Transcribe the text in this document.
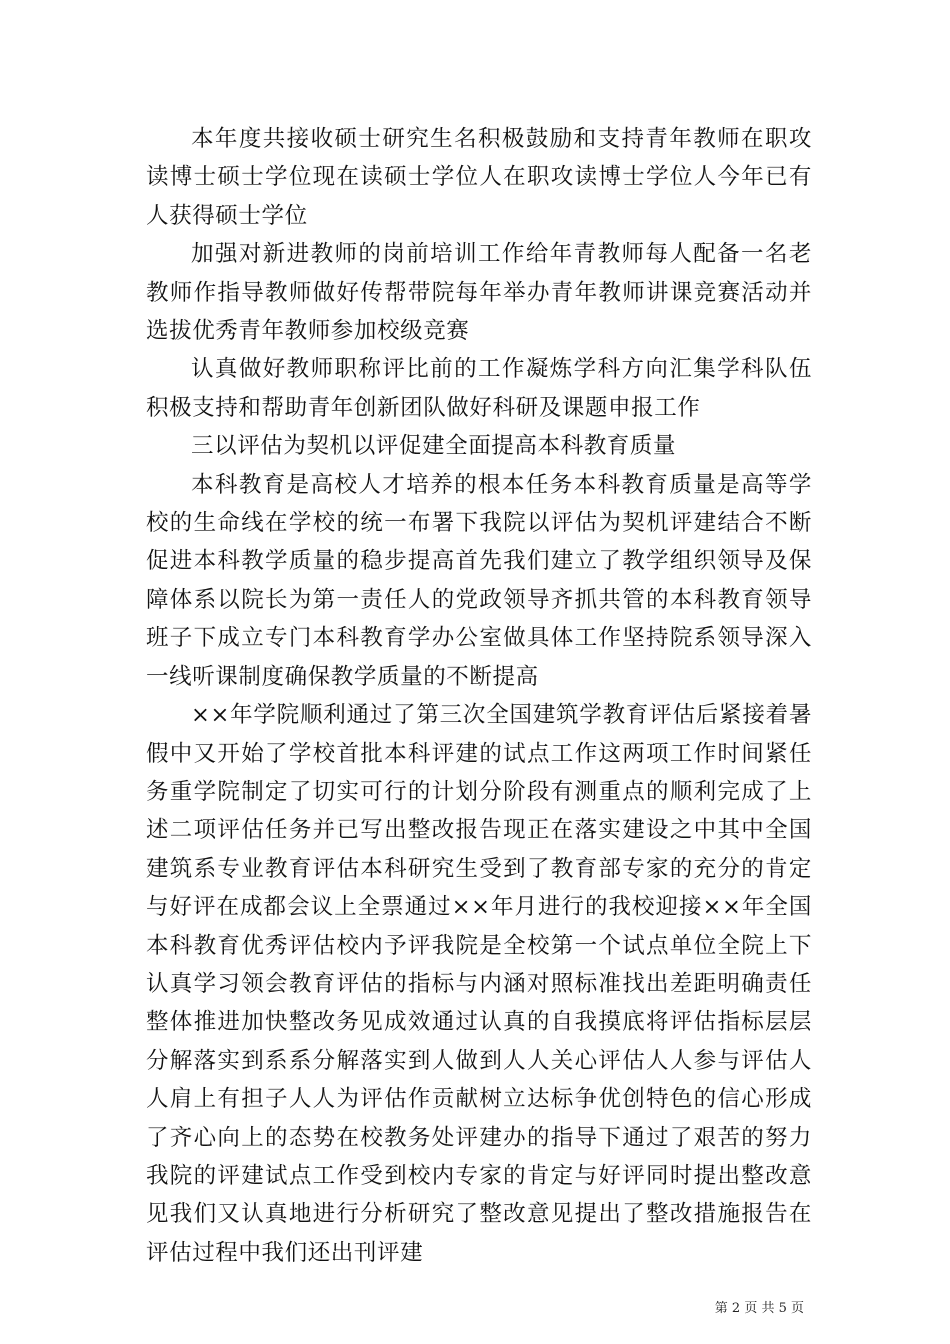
本年度共接收硕士研究生名积极鼓励和支持青年教师在职攻读博士硕士学位现在读硕士学位人在职攻读博士学位人今年已有人获得硕士学位

加强对新进教师的岗前培训工作给年青教师每人配备一名老教师作指导教师做好传帮带院每年举办青年教师讲课竞赛活动并选拔优秀青年教师参加校级竞赛

认真做好教师职称评比前的工作凝炼学科方向汇集学科队伍积极支持和帮助青年创新团队做好科研及课题申报工作

三以评估为契机以评促建全面提高本科教育质量

本科教育是高校人才培养的根本任务本科教育质量是高等学校的生命线在学校的统一布署下我院以评估为契机评建结合不断促进本科教学质量的稳步提高首先我们建立了教学组织领导及保障体系以院长为第一责任人的党政领导齐抓共管的本科教育领导班子下成立专门本科教育学办公室做具体工作坚持院系领导深入一线听课制度确保教学质量的不断提高

××年学院顺利通过了第三次全国建筑学教育评估后紧接着暑假中又开始了学校首批本科评建的试点工作这两项工作时间紧任务重学院制定了切实可行的计划分阶段有测重点的顺利完成了上述二项评估任务并已写出整改报告现正在落实建设之中其中全国建筑系专业教育评估本科研究生受到了教育部专家的充分的肯定与好评在成都会议上全票通过××年月进行的我校迎接××年全国本科教育优秀评估校内予评我院是全校第一个试点单位全院上下认真学习领会教育评估的指标与内涵对照标准找出差距明确责任整体推进加快整改务见成效通过认真的自我摸底将评估指标层层分解落实到系系分解落实到人做到人人关心评估人人参与评估人人肩上有担子人人为评估作贡献树立达标争优创特色的信心形成了齐心向上的态势在校教务处评建办的指导下通过了艰苦的努力我院的评建试点工作受到校内专家的肯定与好评同时提出整改意见我们又认真地进行分析研究了整改意见提出了整改措施报告在评估过程中我们还出刊评建

第 2 页 共 5 页
